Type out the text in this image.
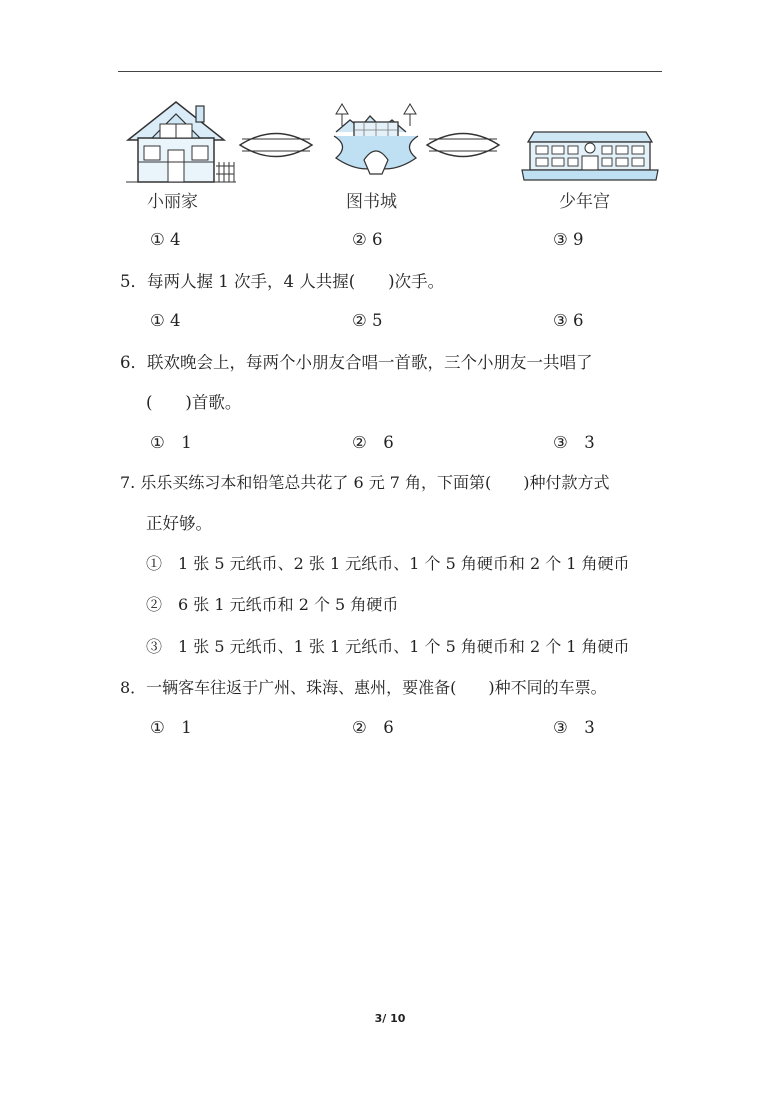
小丽家	图书城	少年宫
① 4	② 6	③ 9
5．每两人握 1 次手，4 人共握(　　)次手。
① 4	② 5	③ 6
6．联欢晚会上，每两个小朋友合唱一首歌，三个小朋友一共唱了
(　　)首歌。
①　1	②　6	③　3
7. 乐乐买练习本和铅笔总共花了 6 元 7 角，下面第(　　)种付款方式
正好够。
①　1 张 5 元纸币、2 张 1 元纸币、1 个 5 角硬币和 2 个 1 角硬币
②　6 张 1 元纸币和 2 个 5 角硬币
③　1 张 5 元纸币、1 张 1 元纸币、1 个 5 角硬币和 2 个 1 角硬币
8．一辆客车往返于广州、珠海、惠州，要准备(　　)种不同的车票。
①　1	②　6	③　3
3/ 10
